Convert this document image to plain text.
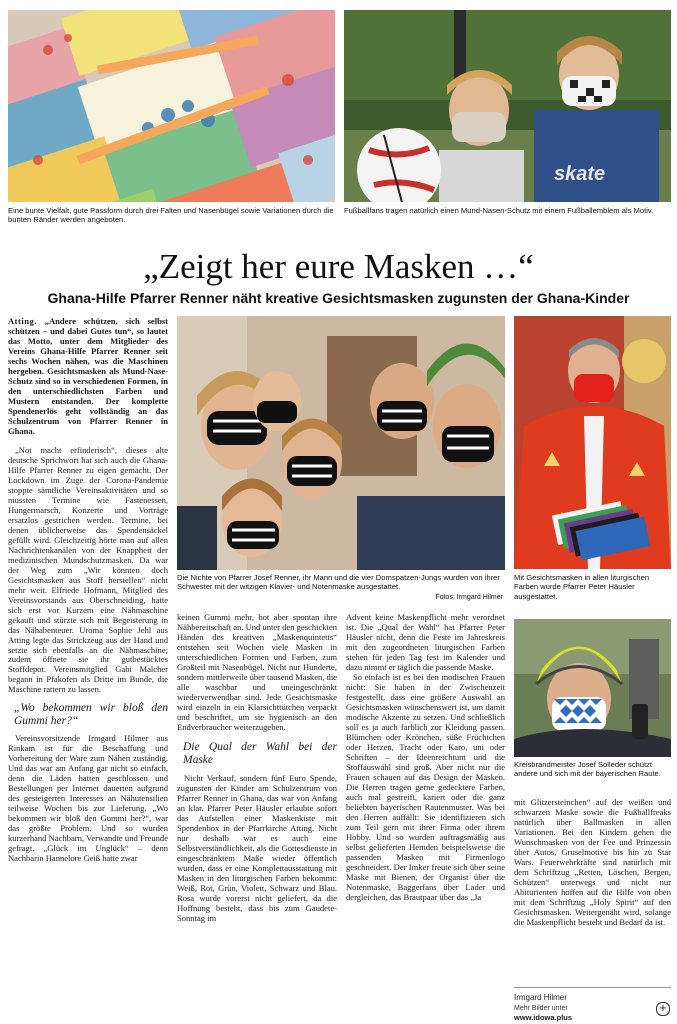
skate
Eine bunte Vielfalt, gute Passform durch drei Falten und Nasenbügel sowie Variationen durch die bunten Ränder werden angeboten.
Fußballfans tragen natürlich einen Mund-Nasen-Schutz mit einem Fußballemblem als Motiv.
„Zeigt her eure Masken …“
Ghana-Hilfe Pfarrer Renner näht kreative Gesichtsmasken zugunsten der Ghana-Kinder

Atting. „Andere schützen, sich selbst schützen – und dabei Gutes tun“, so lautet das Motto, unter dem Mitglieder des Vereins Ghana-Hilfe Pfarrer Renner seit sechs Wochen nähen, was die Maschinen hergeben. Gesichtsmasken als Mund-Nase-Schutz sind so in verschiedenen Formen, in den unterschiedlichsten Farben und Mustern entstanden. Der komplette Spendenerlös geht vollständig an das Schulzentrum von Pfarrer Renner in Ghana.

„Not macht erfinderisch“, dieses alte deutsche Sprichwort hat sich auch die Ghana-Hilfe Pfarrer Renner zu eigen gemacht. Der Lockdown im Zuge der Corona-Pandemie stoppte sämtliche Vereinsaktivitäten und so mussten Termine wie Fastenessen, Hungermarsch, Konzerte und Vorträge ersatzlos gestrichen werden. Termine, bei denen üblicherweise das Spendensäckel gefüllt wird. Gleichzeitig hörte man auf allen Nachrichtenkanälen von der Knappheit der medizinischen Mundschutzmasken. Da war der Weg zum „Wir könnten doch Gesichtsmasken aus Stoff herstellen“ nicht mehr weit. Elfriede Hofmann, Mitglied des Vereinsvorstands aus Oberschneiding, hatte sich erst vor Kurzem eine Nähmaschine gekauft und stürzte sich mit Begeisterung in das Nähabenteuer. Uroma Sophie Jehl aus Atting legte das Strickzeug aus der Hand und setzte sich ebenfalls an die Nähmaschine; zudem öffnete sie ihr gutbestücktes Stoffdepot. Vereinsmitglied Gabi Malcher begann in Pfakofen als Dritte im Bunde, die Maschine rattern zu lassen.

„Wo bekommen wir bloß den Gummi her?“

Vereinsvorsitzende Irmgard Hilmer aus Rinkam ist für die Beschaffung und Vorbereitung der Ware zum Nähen zuständig. Und das war am Anfang gar nicht so einfach, denn die Läden hatten geschlossen und Bestellungen per Internet dauerten aufgrund des gesteigerten Interesses an Nähutensilien teilweise Wochen bis zur Lieferung. „Wo bekommen wir bloß den Gummi her?“, war das größte Problem. Und so wurden kurzerhand Nachbarn, Verwandte und Freunde gefragt. „Glück im Unglück“ – denn Nachbarin Hannelore Geiß hatte zwar

Die Nichte von Pfarrer Josef Renner, ihr Mann und die vier Domspatzen-Jungs wurden von ihrer Schwester mit der witzigen Klavier- und Notenmaske ausgestattet.
Fotos: Irmgard Hilmer
Mit Gesichtsmasken in allen liturgischen Farben wurde Pfarrer Peter Häusler ausgestattet.

keinen Gummi mehr, bot aber spontan ihre Nähbereitschaft an. Und unter den geschickten Händen des kreativen „Maskenquintetts“ entstehen seit Wochen viele Masken in unterschiedlichen Formen und Farben, zum Großteil mit Nasenbügel. Nicht nur Hunderte, sondern mittlerweile über tausend Masken, die alle waschbar und uneingeschränkt wiederverwendbar sind. Jede Gesichtsmaske wird einzeln in ein Klarsichttütchen verpackt und beschriftet, um sie hygienisch an den Endverbraucher weiterzugeben.

Die Qual der Wahl bei der Maske

Nicht Verkauf, sondern fünf Euro Spende, zugunsten der Kinder am Schulzentrum von Pfarrer Renner in Ghana, das war von Anfang an klar. Pfarrer Peter Häusler erlaubte sofort das Aufstellen einer Maskenkiste mit Spendenbox in der Pfarrkirche Atting. Nicht nur deshalb war es auch eine Selbstverständlichkeit, als die Gottesdienste in eingeschränktem Maße wieder öffentlich wurden, dass er eine Komplettausstattung mit Masken in den liturgischen Farben bekommt: Weiß, Rot, Grün, Violett, Schwarz und Blau. Rosa wurde vorerst nicht geliefert, da die Hoffnung besteht, dass bis zum Gaudete-Sonntag im

Advent keine Maskenpflicht mehr verordnet ist. Die „Qual der Wahl“ hat Pfarrer Peter Häusler nicht, denn die Feste im Jahreskreis mit den zugeordneten liturgischen Farben stehen für jeden Tag fest im Kalender und dazu nimmt er täglich die passende Maske.

So einfach ist es bei den modischen Frauen nicht: Sie haben in der Zwischenzeit festgestellt, dass eine größere Auswahl an Gesichtsmasken wünschenswert ist, um damit modische Akzente zu setzen. Und schließlich soll es ja auch farblich zur Kleidung passen. Blümchen oder Krönchen, süße Früchtchen oder Herzen, Tracht oder Karo, uni oder Schriften – der Ideenreichtum und die Stoffauswahl sind groß. Aber nicht nur die Frauen schauen auf das Design der Masken. Die Herren tragen gerne gedecktere Farben, auch mal gestreift, kariert oder die ganz beliebten bayerischen Rautenmuster. Was bei den Herren auffällt: Sie identifizieren sich zum Teil gern mit ihrer Firma oder ihrem Hobby. Und so wurden auftragsmäßig aus selbst gelieferten Hemden beispielsweise die passenden Masken mit Firmenlogo geschneidert. Der Imker freute sich über seine Maske mit Bienen, der Organist über die Notenmaske, Baggerfans über Lader und dergleichen, das Brautpaar über das „Ja

Kreisbrandmeister Josef Solleder schützt andere und sich mit der bayerischen Raute.

mit Glitzersteinchen“ auf der weißen und schwarzen Maske sowie die Fußballfreaks natürlich über Ballmasken in allen Variationen. Bei den Kindern gehen die Wunschmasken von der Fee und Prinzessin über Autos, Gruselmotive bis hin zu Star Wars. Feuerwehrkräfte sind natürlich mit dem Schriftzug „Retten, Löschen, Bergen, Schützen“ unterwegs und nicht nur Abiturienten hoffen auf die Hilfe von oben mit dem Schriftzug „Holy Spirit“ auf den Gesichtsmasken. Weitergenäht wird, solange die Maskenpflicht besteht und Bedarf da ist.

Irmgard Hilmer
Mehr Bilder unter
www.idowa.plus
+
